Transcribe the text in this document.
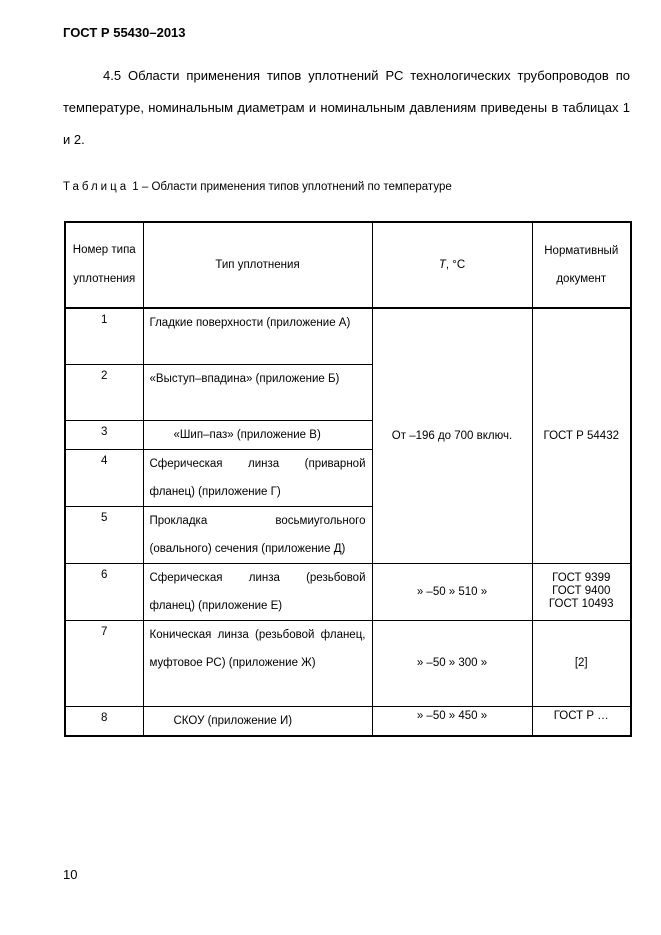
ГОСТ Р 55430–2013
4.5 Области применения типов уплотнений РС технологических трубопроводов по температуре, номинальным диаметрам и номинальным давлениям приведены в таблицах 1 и 2.
Таблица 1 – Области применения типов уплотнений по температуре
Номер типа уплотнения	Тип уплотнения	T, °C	Нормативный документ
1	Гладкие поверхности (приложение А)	От –196 до 700 включ.	ГОСТ Р 54432
2	«Выступ–впадина» (приложение Б)		
3	«Шип–паз» (приложение В)		
4	Сферическая линза (приварной фланец) (приложение Г)		
5	Прокладка восьмиугольного (овального) сечения (приложение Д)		
6	Сферическая линза (резьбовой фланец) (приложение Е)	» –50 » 510 »	ГОСТ 9399
ГОСТ 9400
ГОСТ 10493

7	Коническая линза (резьбовой фланец, муфтовое РС) (приложение Ж)	» –50 » 300 »	[2]
8	СКОУ (приложение И)	» –50 » 450 »	ГОСТ Р …
10
